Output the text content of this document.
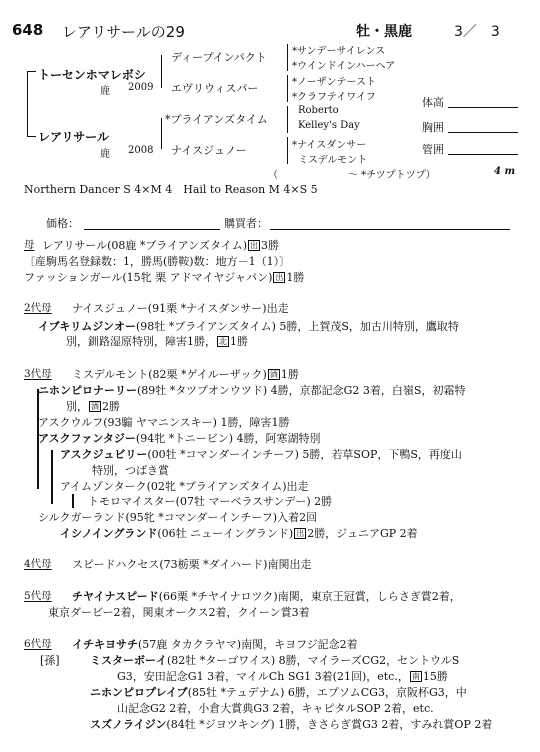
648 レアリサールの29	牡・黒鹿	3／　3
トーセンホマレボシ
鹿 2009
レアリサール
鹿 2008
ディープインパクト
エヴリウィスパー
*ブライアンズタイム
ナイスジュノー
*サンデーサイレンス
*ウインドインハーヘア
*ノーザンテースト
*クラフテイワイフ
Roberto
Kelley's Day
*ナイスダンサー
ミスデルモント
（　　　　　　　～ *チツプトツプ）	4 m
体高
胸囲
管囲
Northern Dancer S 4×M 4　Hail to Reason M 4×S 5
価格：	購買者：
母 レアリサール(08鹿 *ブライアンズタイム) 出 3勝
〔産駒馬名登録数：1，勝馬(勝鞍)数：地方－1（1）〕
ファッションガール(15牝 栗 アドマイヤジャパン) 出 1勝
2代母 ナイスジュノー(91栗 *ナイスダンサー)出走
イブキリムジンオー(98牡 *ブライアンズタイム) 5勝，上賀茂S，加古川特別，鷹取特
別，釧路湿原特別，障害1勝， 北 1勝
3代母 ミスデルモント(82栗 *ゲイルーザック) 酒 1勝
ニホンピロナーリー(89牡 *タツプオンウツド) 4勝，京都記念G2 3着，白嶺S，初霜特
別， 酒 2勝
アスクウルフ(93騸 ヤマニンスキー) 1勝，障害1勝
アスクファンタジー(94牝 *トニービン) 4勝，阿寒湖特別
アスクジュビリー(00牡 *コマンダーインチーフ) 5勝，若草SOP，下鴨S，再度山
特別，つばき賞
アイムゾンターク(02牝 *ブライアンズタイム)出走
トモロマイスター(07牡 マーベラスサンデー) 2勝
シルクガーランド(95牝 *コマンダーインチーフ)入着2回
イシノイングランド(06牡 ニューイングランド) 出 2勝，ジュニアGP 2着
4代母 スピードハクセス(73栃栗 *ダイハード)南関出走
5代母 チヤイナスピード(66栗 *チヤイナロツク)南関，東京王冠賞，しらさぎ賞2着，
東京ダービー2着，関東オークス2着，クイーン賞3着
6代母 イチキヨサチ(57鹿 タカクラヤマ)南関，キヨフジ記念2着
[孫]	ミスターボーイ(82牡 *ターゴワイス) 8勝，マイラーズCG2，セントウルS
G3，安田記念G1 3着，マイルCh SG1 3着(21回)，etc.， 南 15勝
ニホンピロプレイブ(85牡 *テュデナム) 6勝，エプソムCG3，京阪杯G3，中
山記念G2 2着，小倉大賞典G3 2着，キャピタルSOP 2着，etc.
スズノライジン(84牡 *ジヨツキング) 1勝，きさらぎ賞G3 2着，すみれ賞OP 2着
